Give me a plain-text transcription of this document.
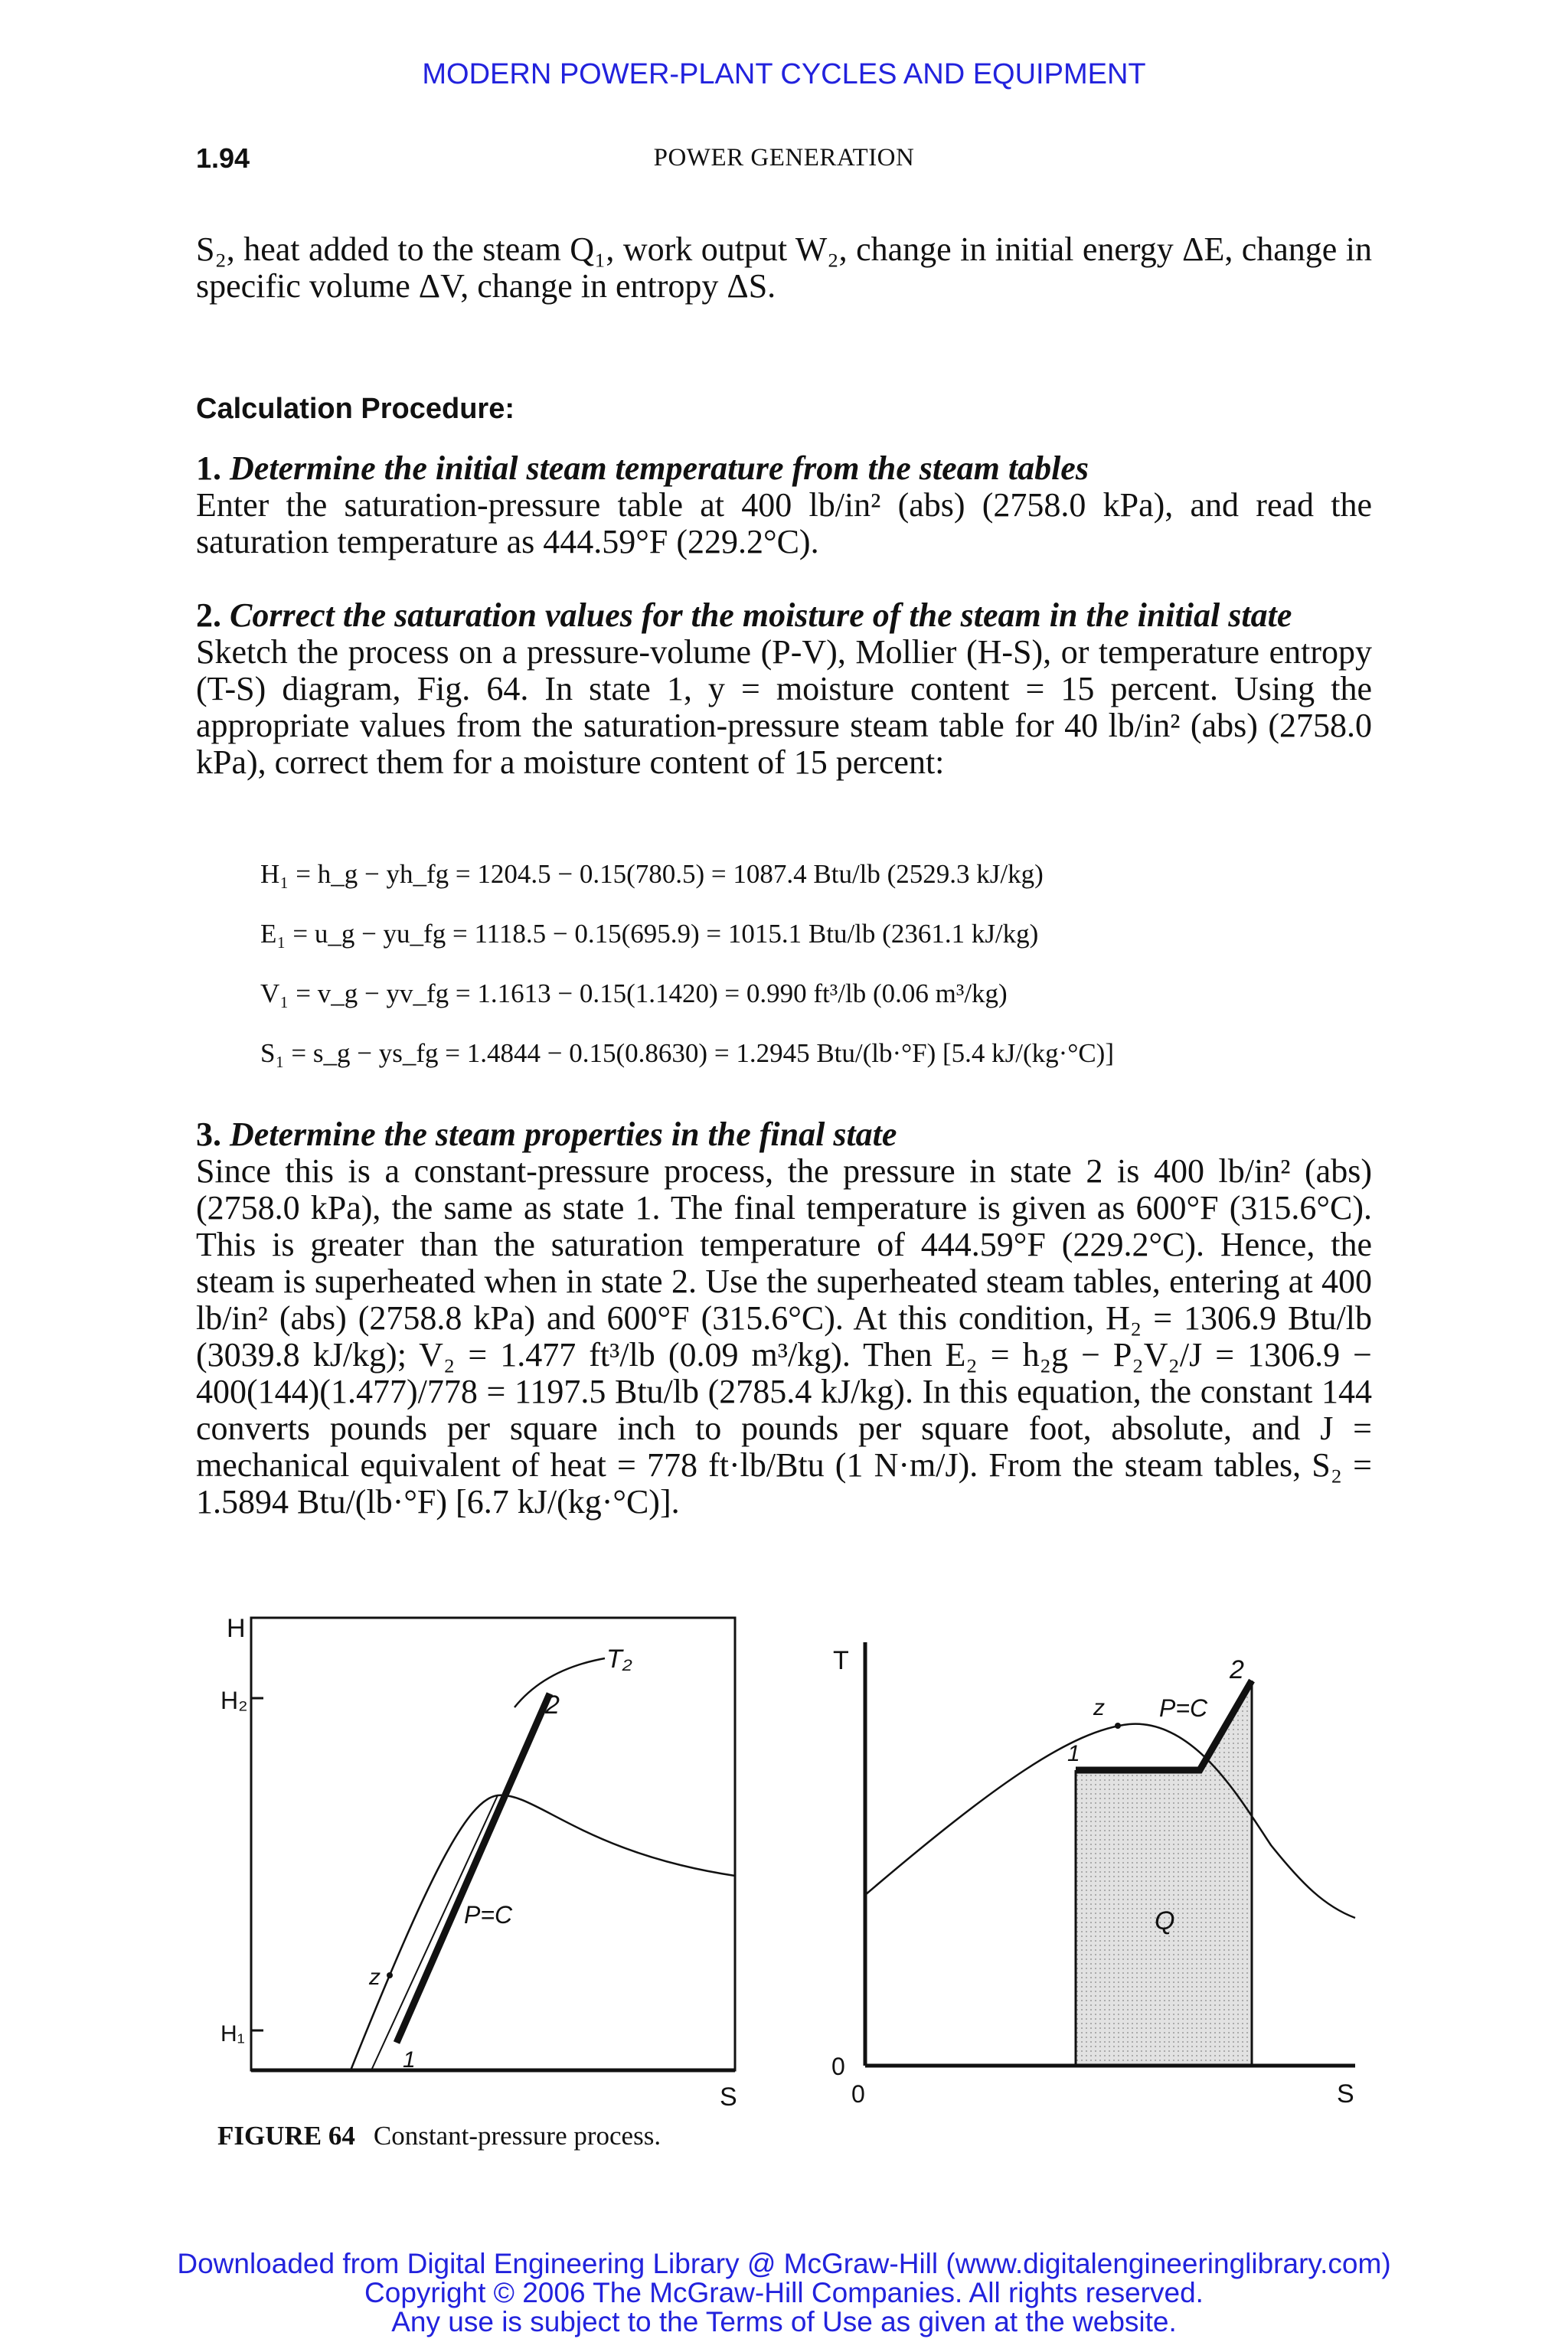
MODERN POWER-PLANT CYCLES AND EQUIPMENT
1.94	POWER GENERATION

S₂, heat added to the steam Q₁, work output W₂, change in initial energy ΔE, change in specific volume ΔV, change in entropy ΔS.

Calculation Procedure:

1. Determine the initial steam temperature from the steam tables

Enter the saturation-pressure table at 400 lb/in² (abs) (2758.0 kPa), and read the saturation temperature as 444.59°F (229.2°C).

2. Correct the saturation values for the moisture of the steam in the initial state

Sketch the process on a pressure-volume (P-V), Mollier (H-S), or temperature entropy (T-S) diagram, Fig. 64. In state 1, y = moisture content = 15 percent. Using the appropriate values from the saturation-pressure steam table for 40 lb/in² (abs) (2758.0 kPa), correct them for a moisture content of 15 percent:

H₁ = h_g − yh_fg = 1204.5 − 0.15(780.5) = 1087.4 Btu/lb (2529.3 kJ/kg)
E₁ = u_g − yu_fg = 1118.5 − 0.15(695.9) = 1015.1 Btu/lb (2361.1 kJ/kg)
V₁ = v_g − yv_fg = 1.1613 − 0.15(1.1420) = 0.990 ft³/lb (0.06 m³/kg)
S₁ = s_g − ys_fg = 1.4844 − 0.15(0.8630) = 1.2945 Btu/(lb·°F) [5.4 kJ/(kg·°C)]

3. Determine the steam properties in the final state

Since this is a constant-pressure process, the pressure in state 2 is 400 lb/in² (abs) (2758.0 kPa), the same as state 1. The final temperature is given as 600°F (315.6°C). This is greater than the saturation temperature of 444.59°F (229.2°C). Hence, the steam is superheated when in state 2. Use the superheated steam tables, entering at 400 lb/in² (abs) (2758.8 kPa) and 600°F (315.6°C). At this condition, H₂ = 1306.9 Btu/lb (3039.8 kJ/kg); V₂ = 1.477 ft³/lb (0.09 m³/kg). Then E₂ = h₂g − P₂V₂/J = 1306.9 − 400(144)(1.477)/778 = 1197.5 Btu/lb (2785.4 kJ/kg). In this equation, the constant 144 converts pounds per square inch to pounds per square foot, absolute, and J = mechanical equivalent of heat = 778 ft·lb/Btu (1 N·m/J). From the steam tables, S₂ = 1.5894 Btu/(lb·°F) [6.7 kJ/(kg·°C)].

H
H₂
H₁
S
T₂
2
P=C
z
1
T
0
0	S
2
z P=C
1
Q
FIGURE 64 Constant-pressure process.
Downloaded from Digital Engineering Library @ McGraw-Hill (www.digitalengineeringlibrary.com)
Copyright © 2006 The McGraw-Hill Companies. All rights reserved.
Any use is subject to the Terms of Use as given at the website.
